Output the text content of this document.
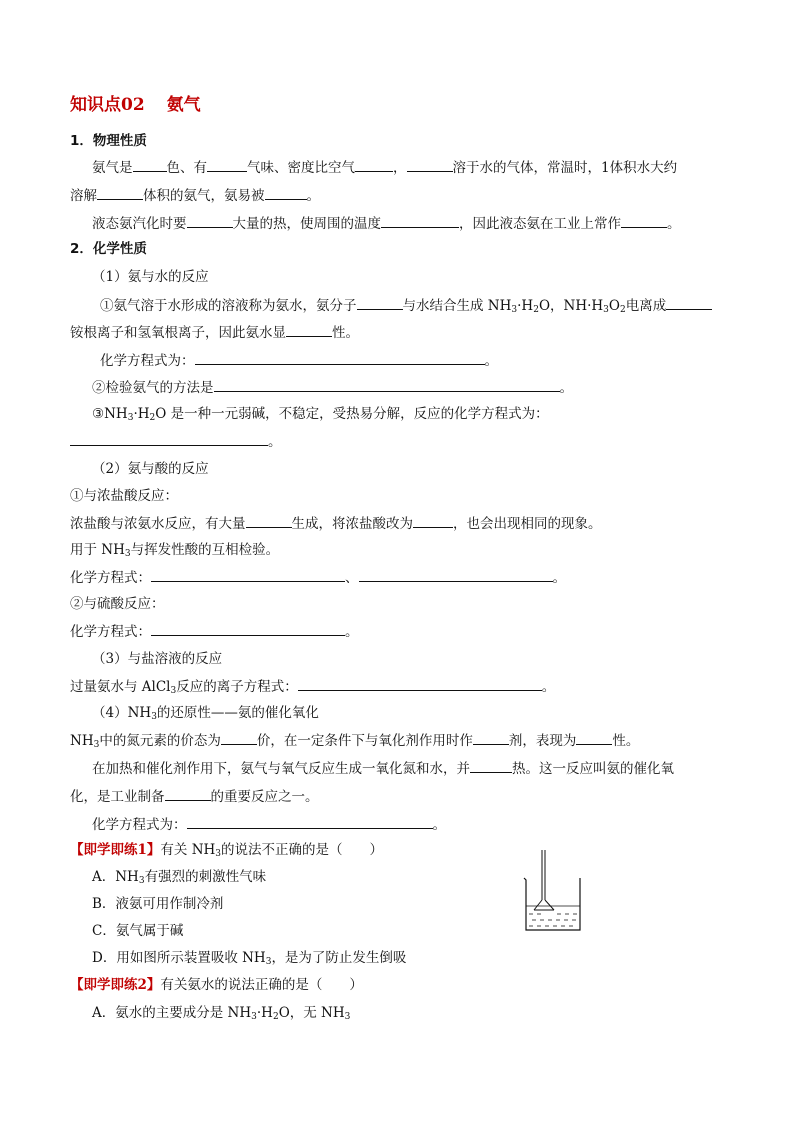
知识点02 氨气
1．物理性质
氨气是	色、有	气味、密度比空气	，	溶于水的气体，常温时，1体积水大约
溶解	体积的氨气，氨易被	。
液态氨汽化时要	大量的热，使周围的温度	，因此液态氨在工业上常作	。
2．化学性质
（1）氨与水的反应
①氨气溶于水形成的溶液称为氨水，氨分子	与水结合生成 $NH_3\cdot H_2O$，$NH\cdot H_3O_2$电离成
铵根离子和氢氧根离子，因此氨水显	性。
化学方程式为：	。
②检验氨气的方法是	。
$③NH_3\cdot H_2O$ 是一种一元弱碱，不稳定，受热易分解，反应的化学方程式为：
。
（2）氨与酸的反应
①与浓盐酸反应：
浓盐酸与浓氨水反应，有大量	生成，将浓盐酸改为	，也会出现相同的现象。
用于 $NH_3$与挥发性酸的互相检验。
化学方程式：	、	。
②与硫酸反应：
化学方程式：	。
（3）与盐溶液的反应
过量氨水与 AlCl$_3$反应的离子方程式：	。
$(4)NH_3$的还原性——氨的催化氧化
$NH_3$中的氮元素的价态为	价，在一定条件下与氧化剂作用时作	剂，表现为	性。
在加热和催化剂作用下，氨气与氧气反应生成一氧化氮和水，并	热。这一反应叫氨的催化氧
化，是工业制备	的重要反应之一。
化学方程式为：	。
【即学即练1】有关 $NH_3$的说法不正确的是（　　）
A．$NH_3$有强烈的刺激性气味
B．液氨可用作制冷剂
C．氨气属于碱
D．用如图所示装置吸收 $NH_3$，是为了防止发生倒吸
【即学即练2】有关氨水的说法正确的是（　　）
A．氨水的主要成分是 $NH_3\cdot H_2O$，无 $NH_3$
